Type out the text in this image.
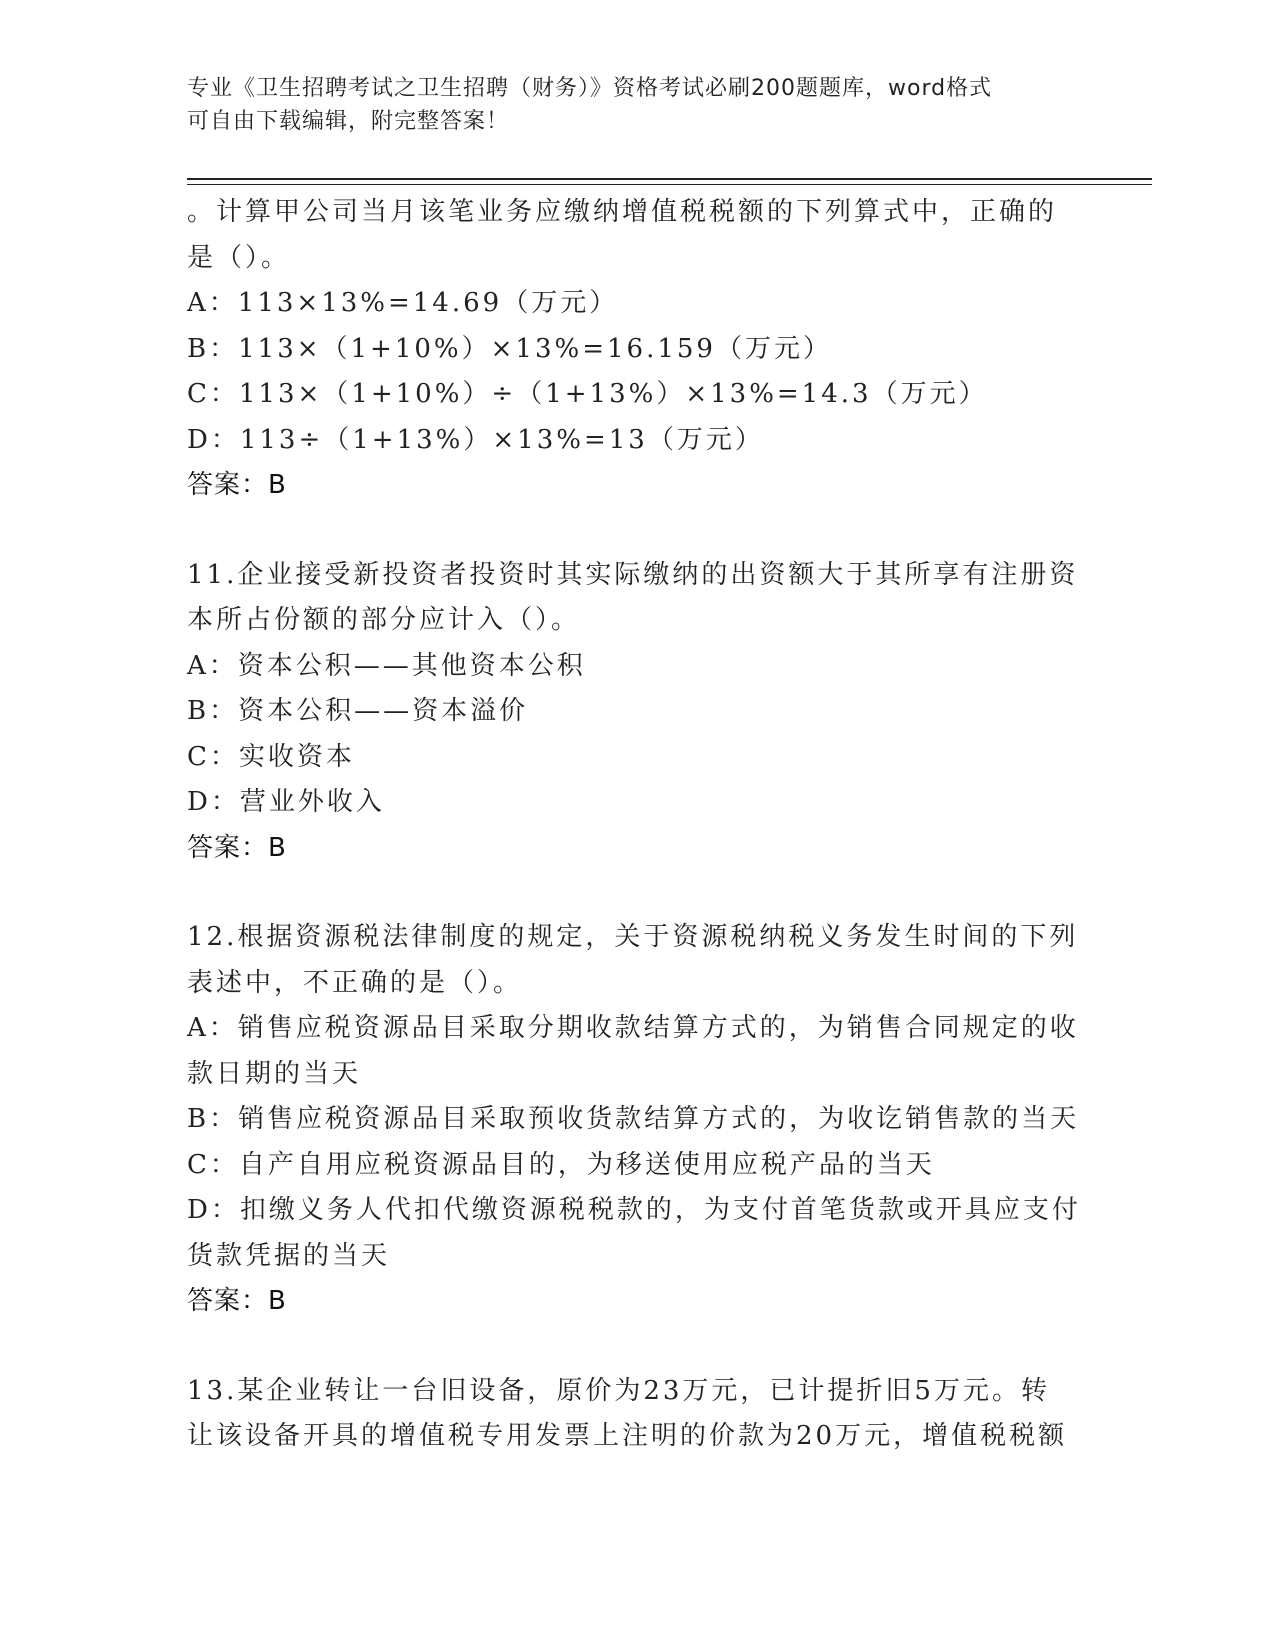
专业《卫生招聘考试之卫生招聘（财务）》资格考试必刷200题题库，word格式
可自由下载编辑，附完整答案！
。计算甲公司当月该笔业务应缴纳增值税税额的下列算式中，正确的
是（）。
A：113×13%=14.69（万元）
B：113×（1+10%）×13%=16.159（万元）
C：113×（1+10%）÷（1+13%）×13%=14.3（万元）
D：113÷（1+13%）×13%=13（万元）
答案：B
11.企业接受新投资者投资时其实际缴纳的出资额大于其所享有注册资
本所占份额的部分应计入（）。
A：资本公积——其他资本公积
B：资本公积——资本溢价
C：实收资本
D：营业外收入
答案：B
12.根据资源税法律制度的规定，关于资源税纳税义务发生时间的下列
表述中，不正确的是（）。
A：销售应税资源品目采取分期收款结算方式的，为销售合同规定的收
款日期的当天
B：销售应税资源品目采取预收货款结算方式的，为收讫销售款的当天
C：自产自用应税资源品目的，为移送使用应税产品的当天
D：扣缴义务人代扣代缴资源税税款的，为支付首笔货款或开具应支付
货款凭据的当天
答案：B
13.某企业转让一台旧设备，原价为23万元，已计提折旧5万元。转
让该设备开具的增值税专用发票上注明的价款为20万元，增值税税额
